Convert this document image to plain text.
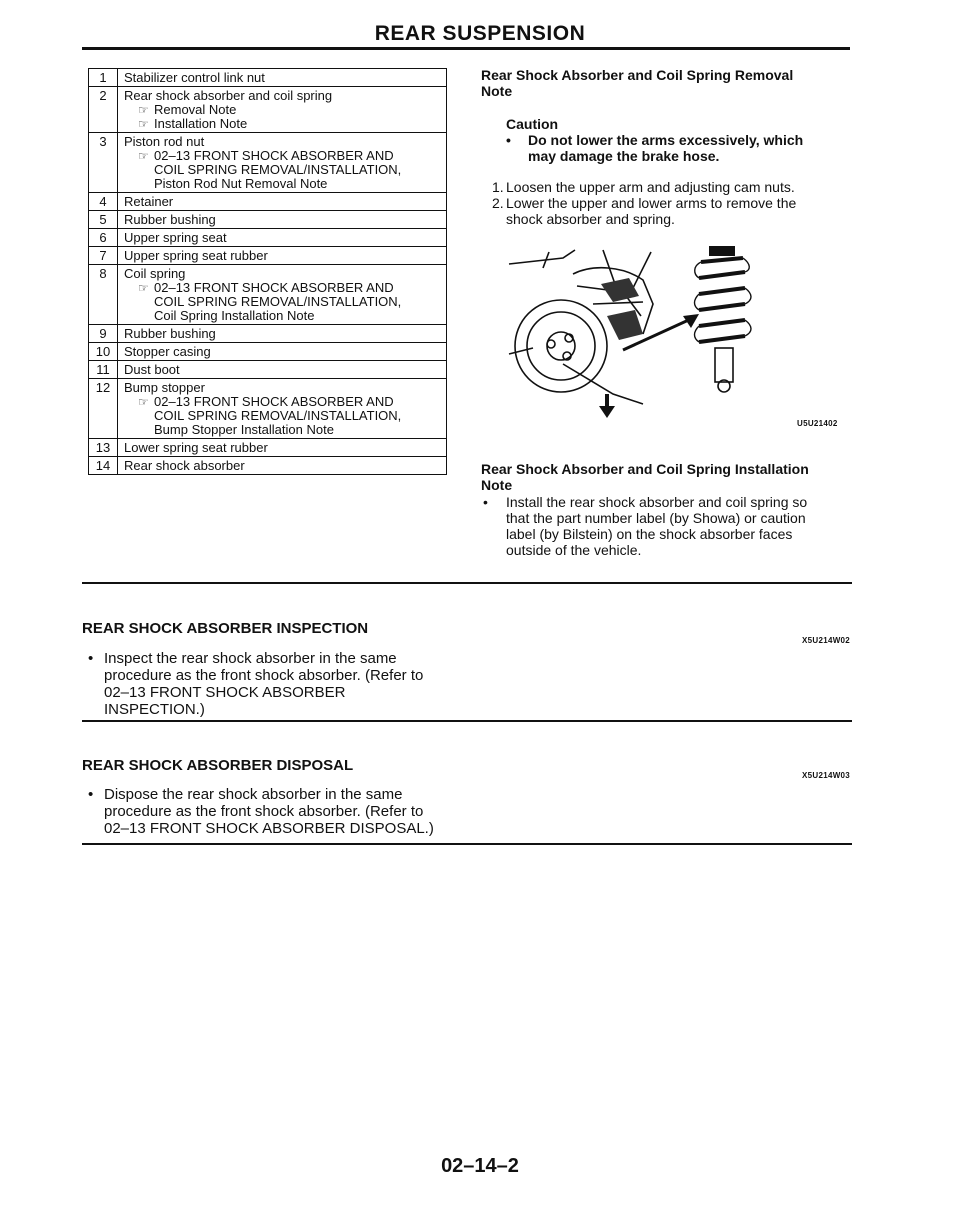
REAR SUSPENSION
1	Stabilizer control link nut

2	Rear shock absorber and coil spring
☞ Removal Note
☞ Installation Note

3	Piston rod nut
☞ 02–13 FRONT SHOCK ABSORBER AND
COIL SPRING REMOVAL/INSTALLATION,
Piston Rod Nut Removal Note

4	Retainer

5	Rubber bushing

6	Upper spring seat

7	Upper spring seat rubber

8	Coil spring
☞ 02–13 FRONT SHOCK ABSORBER AND
COIL SPRING REMOVAL/INSTALLATION,
Coil Spring Installation Note

9	Rubber bushing

10	Stopper casing

11	Dust boot

12	Bump stopper
☞ 02–13 FRONT SHOCK ABSORBER AND
COIL SPRING REMOVAL/INSTALLATION,
Bump Stopper Installation Note

13	Lower spring seat rubber

14	Rear shock absorber
Rear Shock Absorber and Coil Spring Removal
Note
Caution
•	Do not lower the arms excessively, which
may damage the brake hose.
1. Loosen the upper arm and adjusting cam nuts.
2. Lower the upper and lower arms to remove the
shock absorber and spring.
U5U21402
Rear Shock Absorber and Coil Spring Installation
Note
•	Install the rear shock absorber and coil spring so
that the part number label (by Showa) or caution
label (by Bilstein) on the shock absorber faces
outside of the vehicle.
REAR SHOCK ABSORBER INSPECTION
X5U214W02
• Inspect the rear shock absorber in the same
procedure as the front shock absorber. (Refer to
02–13 FRONT SHOCK ABSORBER
INSPECTION.)
REAR SHOCK ABSORBER DISPOSAL
X5U214W03
• Dispose the rear shock absorber in the same
procedure as the front shock absorber. (Refer to
02–13 FRONT SHOCK ABSORBER DISPOSAL.)
02–14–2
